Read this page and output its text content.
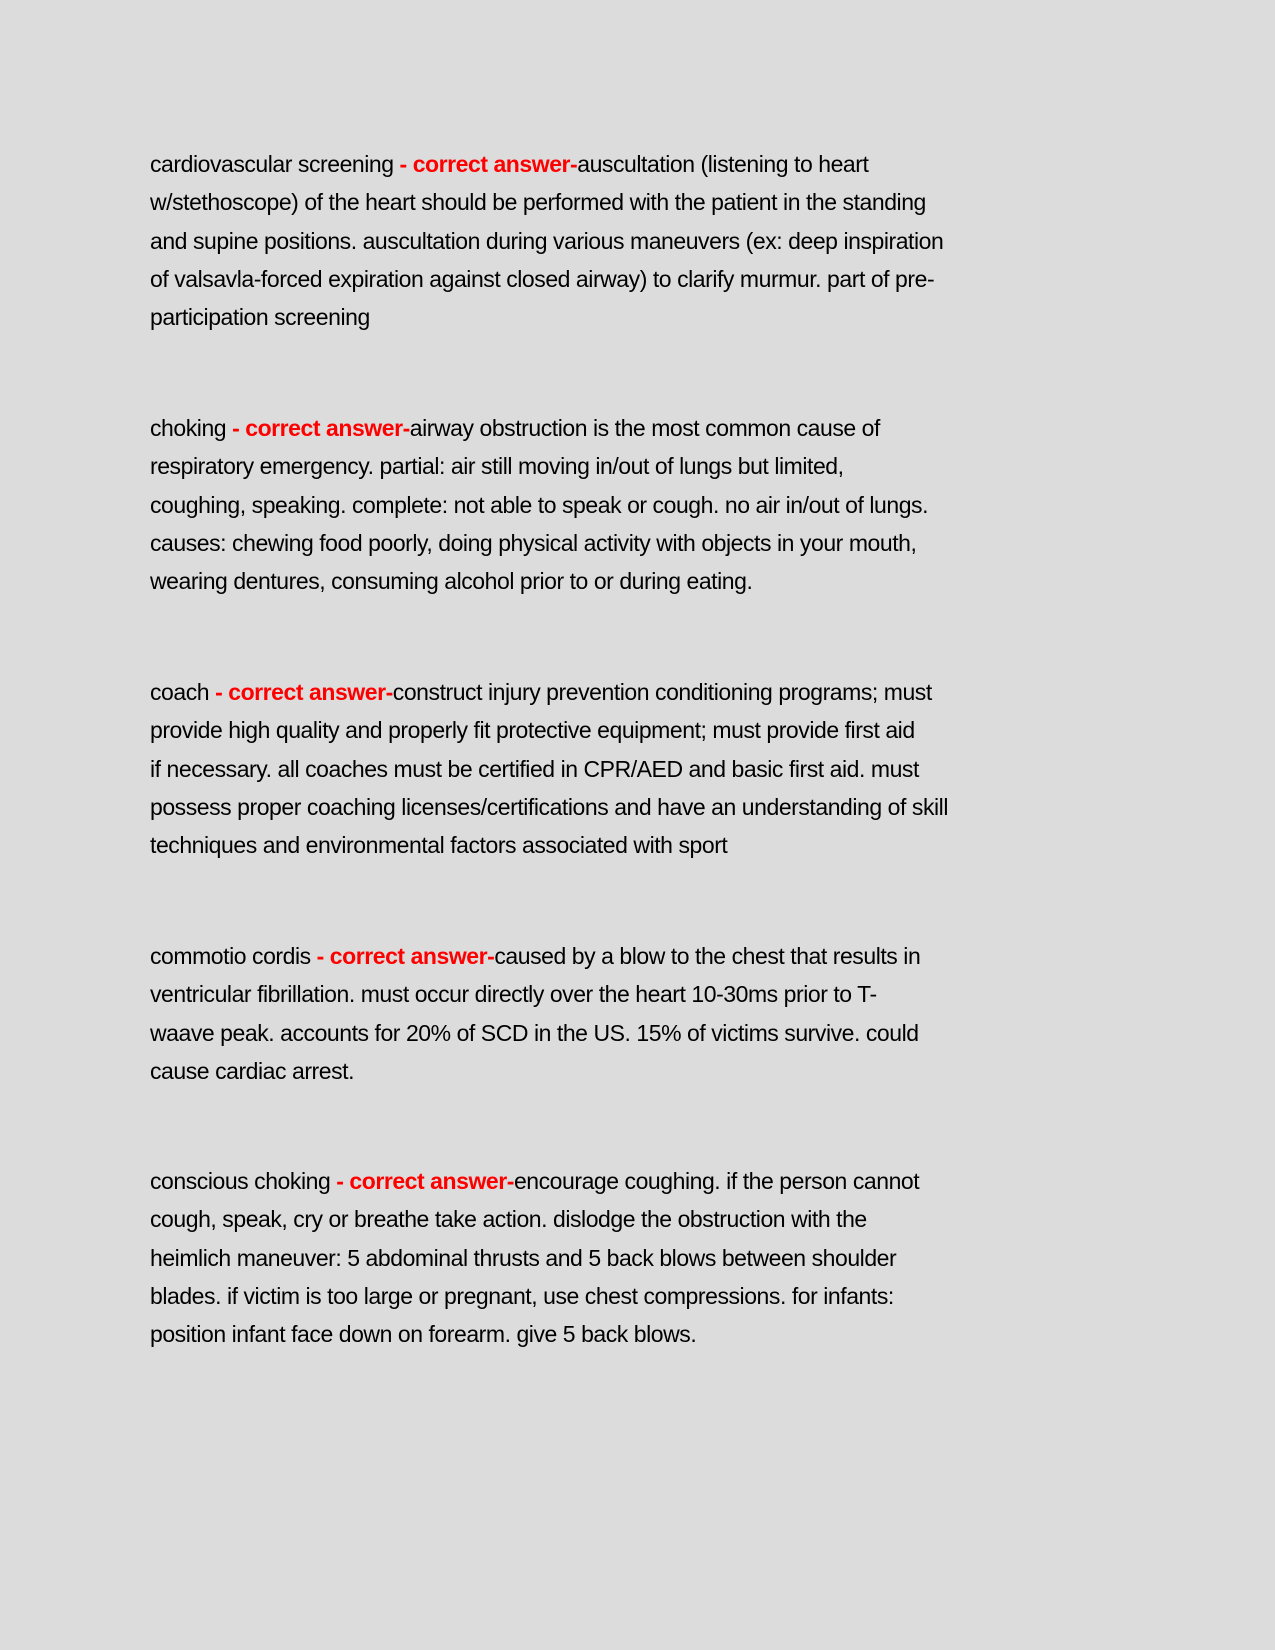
cardiovascular screening - correct answer-auscultation (listening to heart
w/stethoscope) of the heart should be performed with the patient in the standing
and supine positions. auscultation during various maneuvers (ex: deep inspiration
of valsavla-forced expiration against closed airway) to clarify murmur. part of pre-
participation screening
choking - correct answer-airway obstruction is the most common cause of
respiratory emergency. partial: air still moving in/out of lungs but limited,
coughing, speaking. complete: not able to speak or cough. no air in/out of lungs.
causes: chewing food poorly, doing physical activity with objects in your mouth,
wearing dentures, consuming alcohol prior to or during eating.
coach - correct answer-construct injury prevention conditioning programs; must
provide high quality and properly fit protective equipment; must provide first aid
if necessary. all coaches must be certified in CPR/AED and basic first aid. must
possess proper coaching licenses/certifications and have an understanding of skill
techniques and environmental factors associated with sport
commotio cordis - correct answer-caused by a blow to the chest that results in
ventricular fibrillation. must occur directly over the heart 10-30ms prior to T-
waave peak. accounts for 20% of SCD in the US. 15% of victims survive. could
cause cardiac arrest.
conscious choking - correct answer-encourage coughing. if the person cannot
cough, speak, cry or breathe take action. dislodge the obstruction with the
heimlich maneuver: 5 abdominal thrusts and 5 back blows between shoulder
blades. if victim is too large or pregnant, use chest compressions. for infants:
position infant face down on forearm. give 5 back blows.
